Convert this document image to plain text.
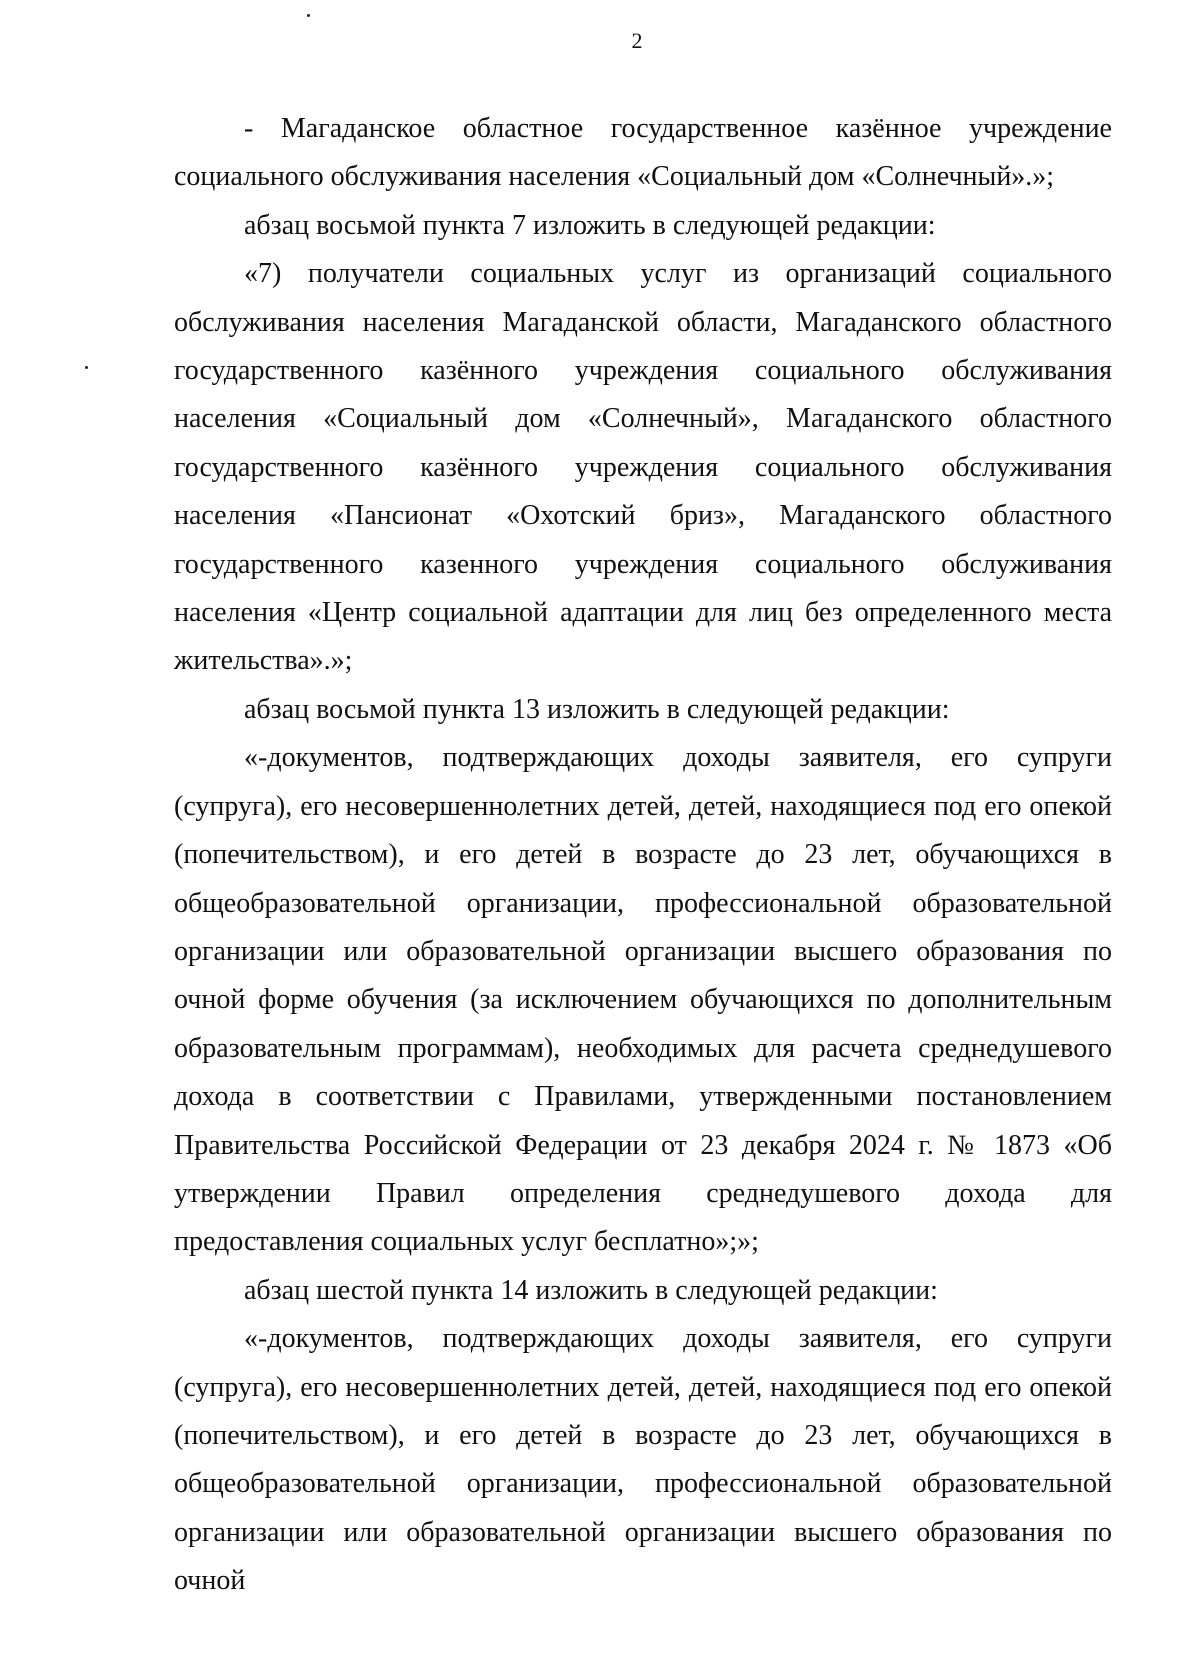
2

- Магаданское областное государственное казённое учреждение социального обслуживания населения «Социальный дом «Солнечный».»;

абзац восьмой пункта 7 изложить в следующей редакции:

«7) получатели социальных услуг из организаций социального обслуживания населения Магаданской области, Магаданского областного государственного казённого учреждения социального обслуживания населения «Социальный дом «Солнечный», Магаданского областного государственного казённого учреждения социального обслуживания населения «Пансионат «Охотский бриз», Магаданского областного государственного казенного учреждения социального обслуживания населения «Центр социальной адаптации для лиц без определенного места жительства».»;

абзац восьмой пункта 13 изложить в следующей редакции:

«-документов, подтверждающих доходы заявителя, его супруги (супруга), его несовершеннолетних детей, детей, находящиеся под его опекой (попечительством), и его детей в возрасте до 23 лет, обучающихся в общеобразовательной организации, профессиональной образовательной организации или образовательной организации высшего образования по очной форме обучения (за исключением обучающихся по дополнительным образовательным программам), необходимых для расчета среднедушевого дохода в соответствии с Правилами, утвержденными постановлением Правительства Российской Федерации от 23 декабря 2024 г. № 1873 «Об утверждении Правил определения среднедушевого дохода для предоставления социальных услуг бесплатно»;»;

абзац шестой пункта 14 изложить в следующей редакции:

«-документов, подтверждающих доходы заявителя, его супруги (супруга), его несовершеннолетних детей, детей, находящиеся под его опекой (попечительством), и его детей в возрасте до 23 лет, обучающихся в общеобразовательной организации, профессиональной образовательной организации или образовательной организации высшего образования по очной
